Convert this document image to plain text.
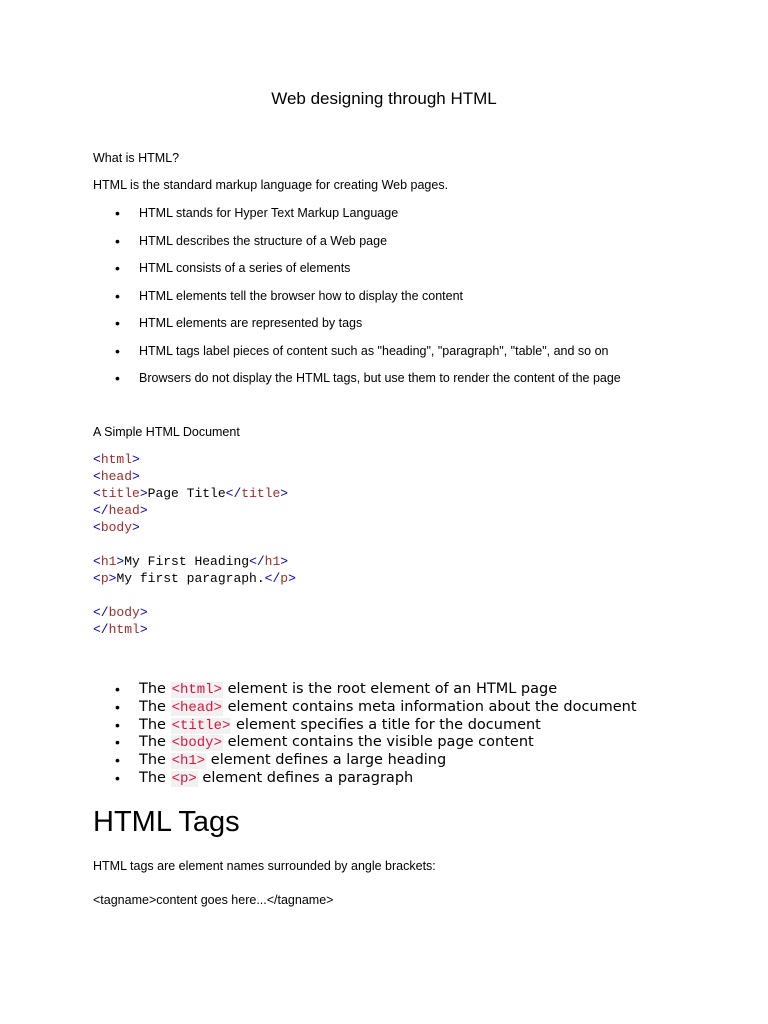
Web designing through HTML
What is HTML?
HTML is the standard markup language for creating Web pages.
• HTML stands for Hyper Text Markup Language
• HTML describes the structure of a Web page
• HTML consists of a series of elements
• HTML elements tell the browser how to display the content
• HTML elements are represented by tags
• HTML tags label pieces of content such as "heading", "paragraph", "table", and so on
• Browsers do not display the HTML tags, but use them to render the content of the page
A Simple HTML Document
<html>
<head>
<title>Page Title</title>
</head>
<body>
<h1>My First Heading</h1>
<p>My first paragraph.</p>
</body>
</html>
• The <html> element is the root element of an HTML page
• The <head> element contains meta information about the document
• The <title> element specifies a title for the document
• The <body> element contains the visible page content
• The <h1> element defines a large heading
• The <p> element defines a paragraph
HTML Tags
HTML tags are element names surrounded by angle brackets:
<tagname>content goes here...</tagname>
